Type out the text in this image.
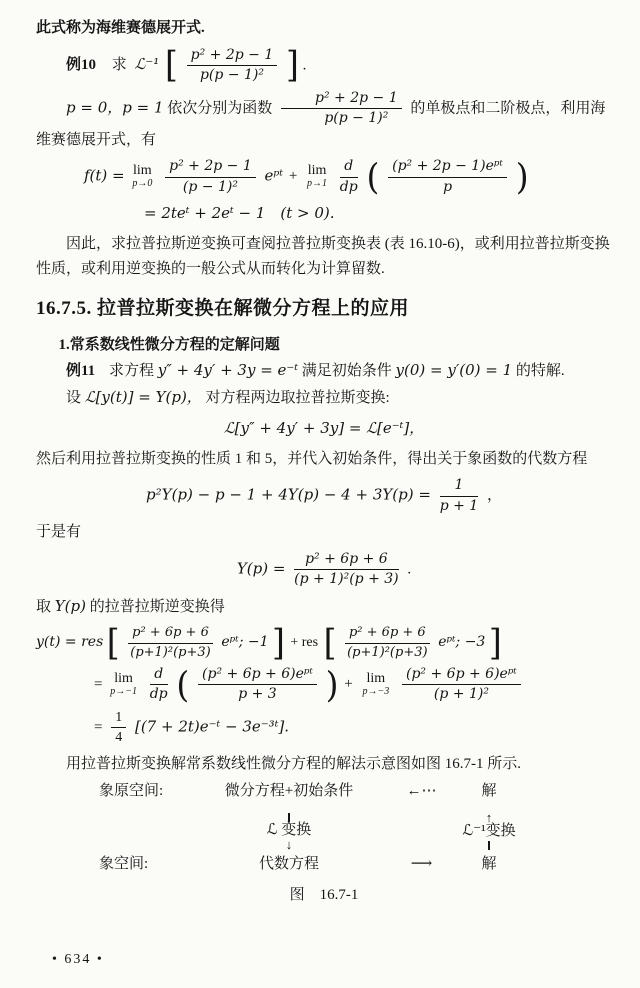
此式称为海维赛德展开式.

例10 求 ℒ⁻¹ [ $\frac{\text{p² + 2p − 1}}{\text{p(p − 1)²}}$ ] .

p = 0，p = 1 依次分别为函数 $\frac{\text{p² + 2p − 1}}{\text{p(p − 1)²}}$ 的单极点和二阶极点，利用海维赛德展开式，有

f(t) = lim
p→0
$\frac{\text{p² + 2p − 1}}{\text{(p − 1)²}}$ eᵖᵗ + lim
p→1
$\frac{d}{dp}$ ( $\frac{\text{(p² + 2p − 1)eᵖᵗ}}{p}$ )
= 2teᵗ + 2eᵗ − 1　(t > 0).

因此，求拉普拉斯逆变换可查阅拉普拉斯变换表 (表 16.10-6)，或利用拉普拉斯变换性质，或利用逆变换的一般公式从而转化为计算留数.

16.7.5. 拉普拉斯变换在解微分方程上的应用

1.常系数线性微分方程的定解问题

例11 求方程 y″ + 4y′ + 3y = e⁻ᵗ 满足初始条件 y(0) = y′(0) = 1 的特解.

设 ℒ[y(t)] = Y(p)， 对方程两边取拉普拉斯变换:

ℒ[y″ + 4y′ + 3y] = ℒ[e⁻ᵗ]，

然后利用拉普拉斯变换的性质 1 和 5，并代入初始条件，得出关于象函数的代数方程

$p^2Y(p) - p - 1 + 4Y(p) - 4 + 3Y(p) = \frac{1}{p + 1}$ ，

于是有

$Y(p) = \frac{\text{p² + 6p + 6}}{\text{(p + 1)²(p + 3)}}$ .

取 Y(p) 的拉普拉斯逆变换得

y(t) = res [ $\frac{\text{p² + 6p + 6}}{\text{(p+1)²(p+3)}}$ eᵖᵗ; −1 ] + res [ $\frac{\text{p² + 6p + 6}}{\text{(p+1)²(p+3)}}$ eᵖᵗ; −3 ]
= lim
p→−1
$\frac{d}{dp}$ ( $\frac{\text{(p² + 6p + 6)eᵖᵗ}}{p + 3}$ ) + lim
p→−3
$\frac{\text{(p² + 6p + 6)eᵖᵗ}}{\text{(p + 1)²}}$
= $\frac{1}{4} [(7$ + 2t)e⁻ᵗ − 3e⁻³ᵗ].

用拉普拉斯变换解常系数线性微分方程的解法示意图如图 16.7-1 所示.

象原空间:	微分方程+初始条件	←⋯	解
ℒ 变换
↓
↑
ℒ⁻¹变换
象空间:	代数方程	⟶	解
图　16.7-1
• 634 •
